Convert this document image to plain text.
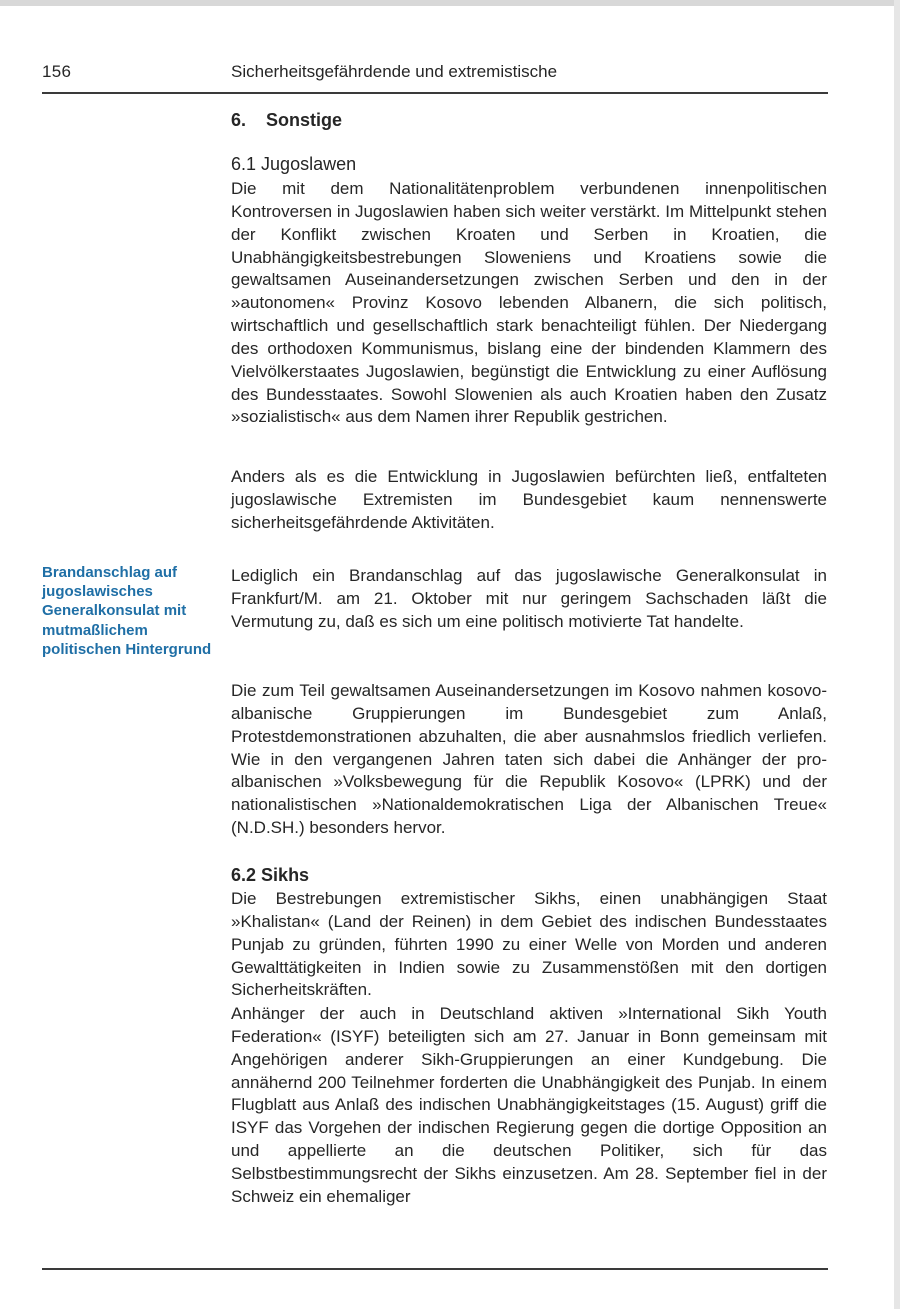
156	Sicherheitsgefährdende und extremistische
6.    Sonstige
6.1 Jugoslawen

Die mit dem Nationalitätenproblem verbundenen innenpolitischen Kontroversen in Jugoslawien haben sich weiter verstärkt. Im Mittelpunkt stehen der Konflikt zwischen Kroaten und Serben in Kroatien, die Unabhängigkeitsbestrebungen Sloweniens und Kroatiens sowie die gewaltsamen Auseinandersetzungen zwischen Serben und den in der »autonomen« Provinz Kosovo lebenden Albanern, die sich politisch, wirtschaftlich und gesellschaftlich stark benachteiligt fühlen. Der Niedergang des orthodoxen Kommunismus, bislang eine der bindenden Klammern des Vielvölkerstaates Jugoslawien, begünstigt die Entwicklung zu einer Auflösung des Bundesstaates. Sowohl Slowenien als auch Kroatien haben den Zusatz »sozialistisch« aus dem Namen ihrer Republik gestrichen.

Anders als es die Entwicklung in Jugoslawien befürchten ließ, entfalteten jugoslawische Extremisten im Bundesgebiet kaum nennenswerte sicherheitsgefährdende Aktivitäten.

Brandanschlag auf jugoslawisches Generalkonsulat mit mutmaßlichem politischen Hintergrund

Lediglich ein Brandanschlag auf das jugoslawische Generalkonsulat in Frankfurt/M. am 21. Oktober mit nur geringem Sachschaden läßt die Vermutung zu, daß es sich um eine politisch motivierte Tat handelte.

Die zum Teil gewaltsamen Auseinandersetzungen im Kosovo nahmen kosovo-albanische Gruppierungen im Bundesgebiet zum Anlaß, Protestdemonstrationen abzuhalten, die aber ausnahmslos friedlich verliefen. Wie in den vergangenen Jahren taten sich dabei die Anhänger der pro-albanischen »Volksbewegung für die Republik Kosovo« (LPRK) und der nationalistischen »Nationaldemokratischen Liga der Albanischen Treue« (N.D.SH.) besonders hervor.

6.2 Sikhs

Die Bestrebungen extremistischer Sikhs, einen unabhängigen Staat »Khalistan« (Land der Reinen) in dem Gebiet des indischen Bundesstaates Punjab zu gründen, führten 1990 zu einer Welle von Morden und anderen Gewalttätigkeiten in Indien sowie zu Zusammenstößen mit den dortigen Sicherheitskräften.

Anhänger der auch in Deutschland aktiven »International Sikh Youth Federation« (ISYF) beteiligten sich am 27. Januar in Bonn gemeinsam mit Angehörigen anderer Sikh-Gruppierungen an einer Kundgebung. Die annähernd 200 Teilnehmer forderten die Unabhängigkeit des Punjab. In einem Flugblatt aus Anlaß des indischen Unabhängigkeitstages (15. August) griff die ISYF das Vorgehen der indischen Regierung gegen die dortige Opposition an und appellierte an die deutschen Politiker, sich für das Selbstbestimmungsrecht der Sikhs einzusetzen. Am 28. September fiel in der Schweiz ein ehemaliger
